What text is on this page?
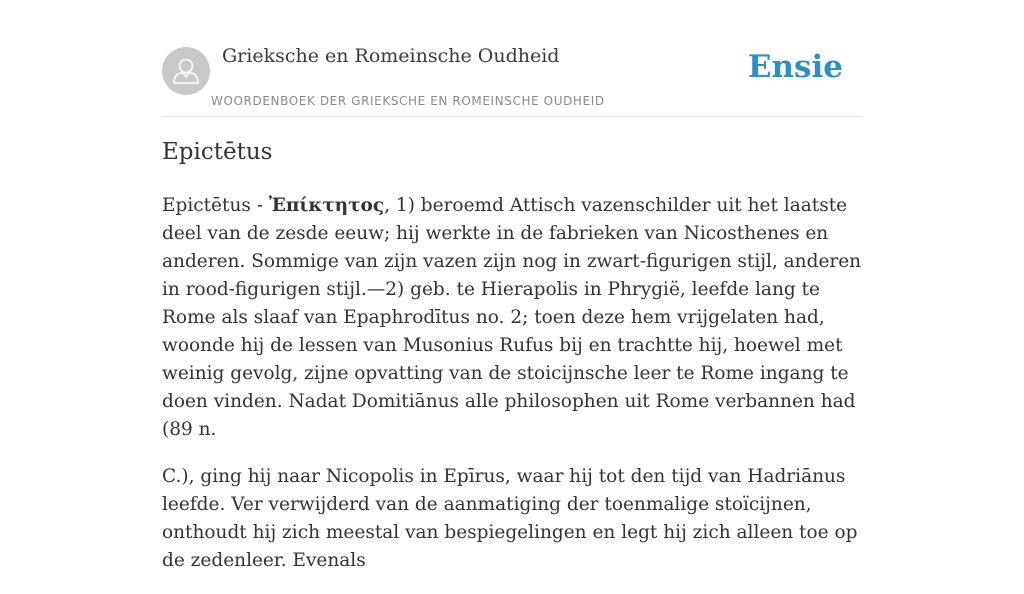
Grieksche en Romeinsche Oudheid
WOORDENBOEK DER GRIEKSCHE EN ROMEINSCHE OUDHEID
Ensie
Epictētus

Epictētus - Ἐπίκτητος, 1) beroemd Attisch vazenschilder uit het laatste deel van de zesde eeuw; hij werkte in de fabrieken van Nicosthenes en anderen. Sommige van zijn vazen zijn nog in zwart-figurigen stijl, anderen in rood-figurigen stijl.—2) geb. te Hierapolis in Phrygië, leefde lang te Rome als slaaf van Epaphrodītus no. 2; toen deze hem vrijgelaten had, woonde hij de lessen van Musonius Rufus bij en trachtte hij, hoewel met weinig gevolg, zijne opvatting van de stoicijnsche leer te Rome ingang te doen vinden. Nadat Domitiānus alle philosophen uit Rome verbannen had (89 n.

C.), ging hij naar Nicopolis in Epīrus, waar hij tot den tijd van Hadriānus leefde. Ver verwijderd van de aanmatiging der toenmalige stoïcijnen, onthoudt hij zich meestal van bespiegelingen en legt hij zich alleen toe op de zedenleer. Evenals
